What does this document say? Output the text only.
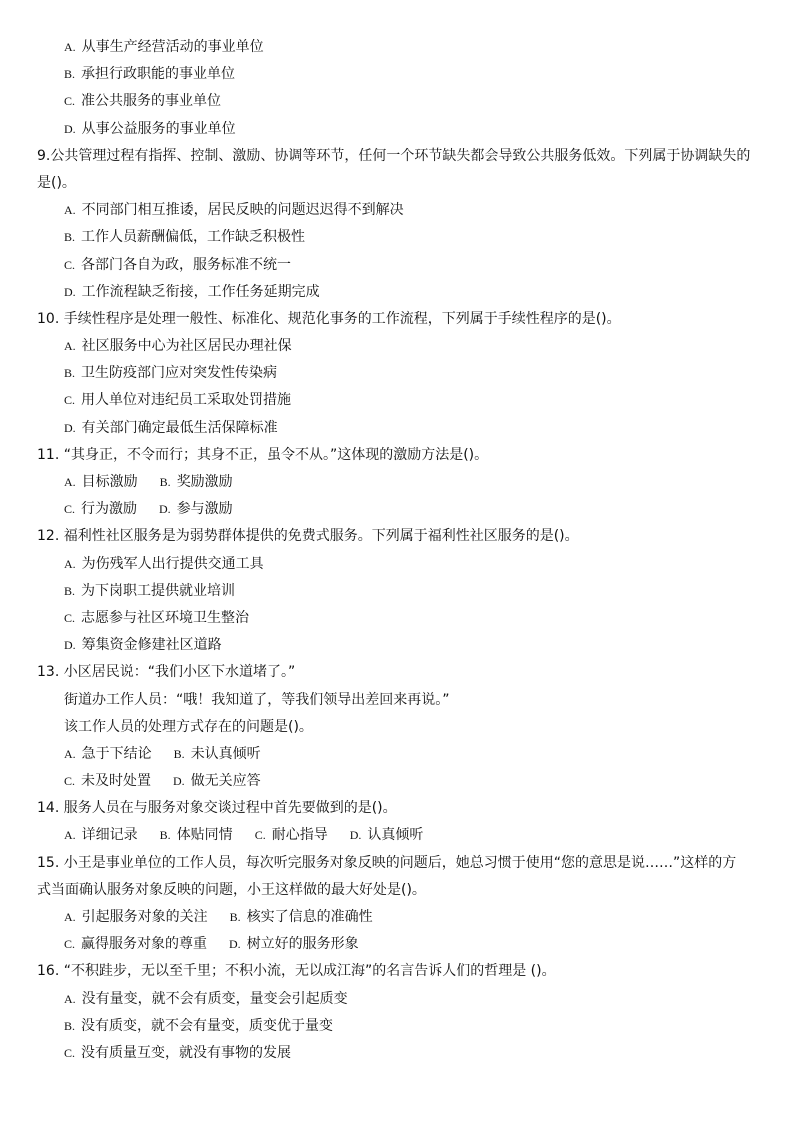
A. 从事生产经营活动的事业单位
B. 承担行政职能的事业单位
C. 准公共服务的事业单位
D. 从事公益服务的事业单位
9.公共管理过程有指挥、控制、激励、协调等环节，任何一个环节缺失都会导致公共服务低效。下列属于协调缺失的
是()。
A. 不同部门相互推诿，居民反映的问题迟迟得不到解决
B. 工作人员薪酬偏低，工作缺乏积极性
C. 各部门各自为政，服务标准不统一
D. 工作流程缺乏衔接，工作任务延期完成
10. 手续性程序是处理一般性、标准化、规范化事务的工作流程，下列属于手续性程序的是()。
A. 社区服务中心为社区居民办理社保
B. 卫生防疫部门应对突发性传染病
C. 用人单位对违纪员工采取处罚措施
D. 有关部门确定最低生活保障标准
11. “其身正，不令而行；其身不正，虽令不从。”这体现的激励方法是()。
A. 目标激励 B. 奖励激励
C. 行为激励 D. 参与激励
12. 福利性社区服务是为弱势群体提供的免费式服务。下列属于福利性社区服务的是()。
A. 为伤残军人出行提供交通工具
B. 为下岗职工提供就业培训
C. 志愿参与社区环境卫生整治
D. 筹集资金修建社区道路
13. 小区居民说：“我们小区下水道堵了。”
街道办工作人员：“哦！我知道了，等我们领导出差回来再说。”
该工作人员的处理方式存在的问题是()。
A. 急于下结论 B. 未认真倾听
C. 未及时处置 D. 做无关应答
14. 服务人员在与服务对象交谈过程中首先要做到的是()。
A. 详细记录 B. 体贴同情 C. 耐心指导 D. 认真倾听
15. 小王是事业单位的工作人员，每次听完服务对象反映的问题后，她总习惯于使用“您的意思是说……”这样的方
式当面确认服务对象反映的问题，小王这样做的最大好处是()。
A. 引起服务对象的关注 B. 核实了信息的准确性
C. 赢得服务对象的尊重 D. 树立好的服务形象
16. “不积跬步，无以至千里；不积小流，无以成江海”的名言告诉人们的哲理是 ()。
A. 没有量变，就不会有质变，量变会引起质变
B. 没有质变，就不会有量变，质变优于量变
C. 没有质量互变，就没有事物的发展
